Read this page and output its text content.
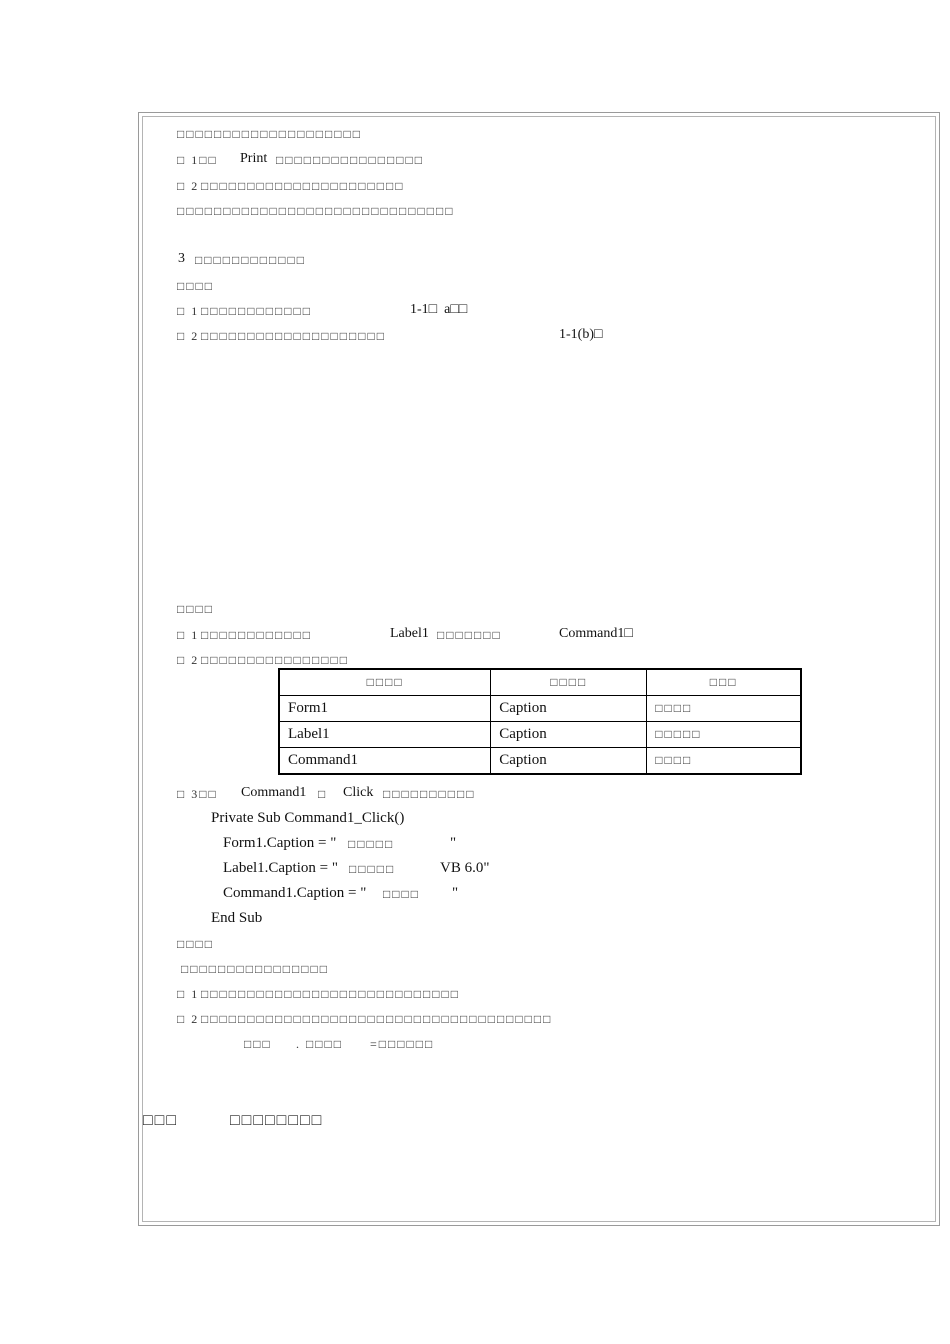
□□□□□□□□□□□□□□□□□□□□
□ 1□□ Print □□□□□□□□□□□□□□□□
□ 2 □□□□□□□□□□□□□□□□□□□□□□
□□□□□□□□□□□□□□□□□□□□□□□□□□□□□□
3 □□□□□□□□□□□□
□□□□
□ 1 □□□□□□□□□□□□	1-1□  a□□
□ 2 □□□□□□□□□□□□□□□□□□□□	1-1(b)□
□□□□
□ 1 □□□□□□□□□□□□	Label1 □□□□□□□	Command1□
□ 2 □□□□□□□□□□□□□□□□
□□□□	□□□□	□□□
Form1	Caption	□□□□
Label1	Caption	□□□□□
Command1	Caption	□□□□
□ 3□□ Command1 □ Click □□□□□□□□□□
Private Sub Command1_Click()
Form1.Caption = " □□□□□	"
Label1.Caption = " □□□□□	VB 6.0"
Command1.Caption = " □□□□ "
End Sub
□□□□
□□□□□□□□□□□□□□□□
□ 1 □□□□□□□□□□□□□□□□□□□□□□□□□□□□
□ 2 □□□□□□□□□□□□□□□□□□□□□□□□□□□□□□□□□□□□□□
□□□ . □□□□ =□□□□□□
□□□	□□□□□□□□
